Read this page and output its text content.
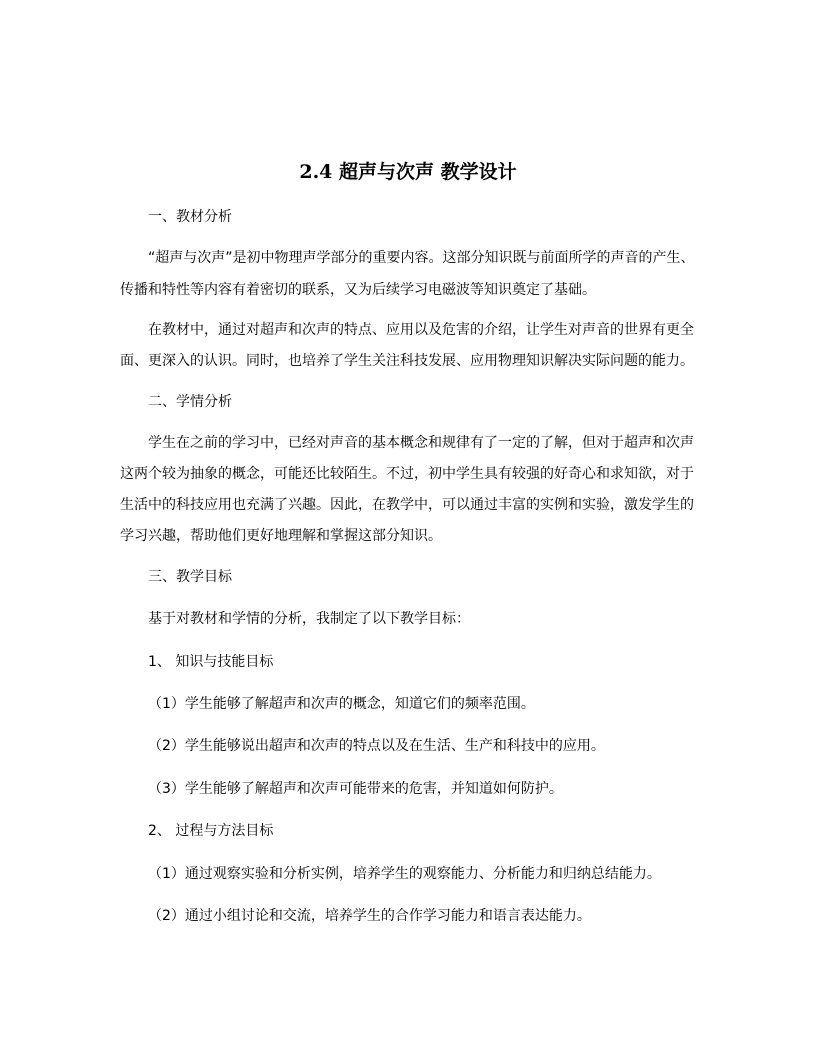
2.4 超声与次声 教学设计
一、教材分析
“超声与次声”是初中物理声学部分的重要内容。这部分知识既与前面所学的声音的产生、
传播和特性等内容有着密切的联系，又为后续学习电磁波等知识奠定了基础。
在教材中，通过对超声和次声的特点、应用以及危害的介绍，让学生对声音的世界有更全
面、更深入的认识。同时，也培养了学生关注科技发展、应用物理知识解决实际问题的能力。
二、学情分析
学生在之前的学习中，已经对声音的基本概念和规律有了一定的了解，但对于超声和次声
这两个较为抽象的概念，可能还比较陌生。不过，初中学生具有较强的好奇心和求知欲，对于
生活中的科技应用也充满了兴趣。因此，在教学中，可以通过丰富的实例和实验，激发学生的
学习兴趣，帮助他们更好地理解和掌握这部分知识。
三、教学目标
基于对教材和学情的分析，我制定了以下教学目标：
1、 知识与技能目标
（1）学生能够了解超声和次声的概念，知道它们的频率范围。
（2）学生能够说出超声和次声的特点以及在生活、生产和科技中的应用。
（3）学生能够了解超声和次声可能带来的危害，并知道如何防护。
2、 过程与方法目标
（1）通过观察实验和分析实例，培养学生的观察能力、分析能力和归纳总结能力。
（2）通过小组讨论和交流，培养学生的合作学习能力和语言表达能力。
